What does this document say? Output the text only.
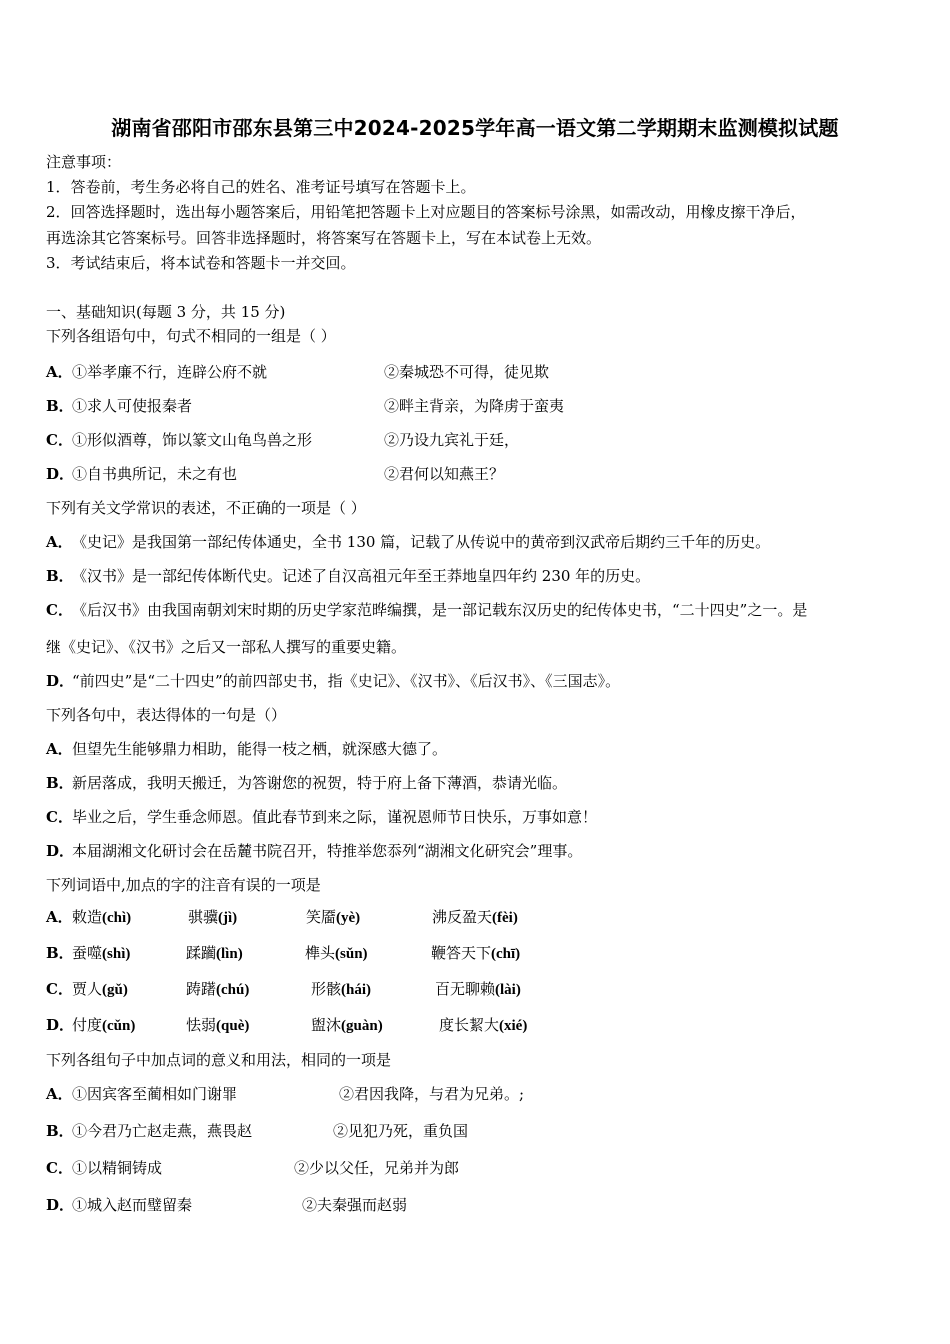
湖南省邵阳市邵东县第三中2024-2025学年高一语文第二学期期末监测模拟试题
注意事项：
1．答卷前，考生务必将自己的姓名、准考证号填写在答题卡上。
2．回答选择题时，选出每小题答案后，用铅笔把答题卡上对应题目的答案标号涂黑，如需改动，用橡皮擦干净后，
再选涂其它答案标号。回答非选择题时，将答案写在答题卡上，写在本试卷上无效。
3．考试结束后，将本试卷和答题卡一并交回。
一、基础知识(每题 3 分，共 15 分)
下列各组语句中，句式不相同的一组是（ ）
A．①举孝廉不行，连辟公府不就	②秦城恐不可得，徒见欺
B．①求人可使报秦者	②畔主背亲，为降虏于蛮夷
C．①形似酒尊，饰以篆文山龟鸟兽之形	②乃设九宾礼于廷，
D．①自书典所记，未之有也	②君何以知燕王？
下列有关文学常识的表述，不正确的一项是（ ）
A．《史记》是我国第一部纪传体通史，全书 130 篇，记载了从传说中的黄帝到汉武帝后期约三千年的历史。
B．《汉书》是一部纪传体断代史。记述了自汉高祖元年至王莽地皇四年约 230 年的历史。
C．《后汉书》由我国南朝刘宋时期的历史学家范晔编撰，是一部记载东汉历史的纪传体史书，“二十四史”之一。是
继《史记》、《汉书》之后又一部私人撰写的重要史籍。
D．“前四史”是“二十四史”的前四部史书，指《史记》、《汉书》、《后汉书》、《三国志》。
下列各句中，表达得体的一句是（）
A．但望先生能够鼎力相助，能得一枝之栖，就深感大德了。
B．新居落成，我明天搬迁，为答谢您的祝贺，特于府上备下薄酒，恭请光临。
C．毕业之后，学生垂念师恩。值此春节到来之际，谨祝恩师节日快乐，万事如意！
D．本届湖湘文化研讨会在岳麓书院召开，特推举您忝列“湖湘文化研究会”理事。
下列词语中,加点的字的注音有误的一项是
A．敕造(chì)	骐骥(jì)	笑靥(yè)	沸反盈天(fèi)
B．蚕噬(shì)	蹂躏(lìn)	榫头(sǔn)	鞭答天下(chī)
C．贾人(gǔ)	踌躇(chú)	形骸(hái)	百无聊赖(lài)
D．付度(cǔn)	怯弱(què)	盥沐(guàn)	度长絜大(xié)
下列各组句子中加点词的意义和用法，相同的一项是
A．①因宾客至蔺相如门谢罪	②君因我降，与君为兄弟。;
B．①今君乃亡赵走燕，燕畏赵	②见犯乃死，重负国
C．①以精铜铸成	②少以父任，兄弟并为郎
D．①城入赵而璧留秦	②夫秦强而赵弱
